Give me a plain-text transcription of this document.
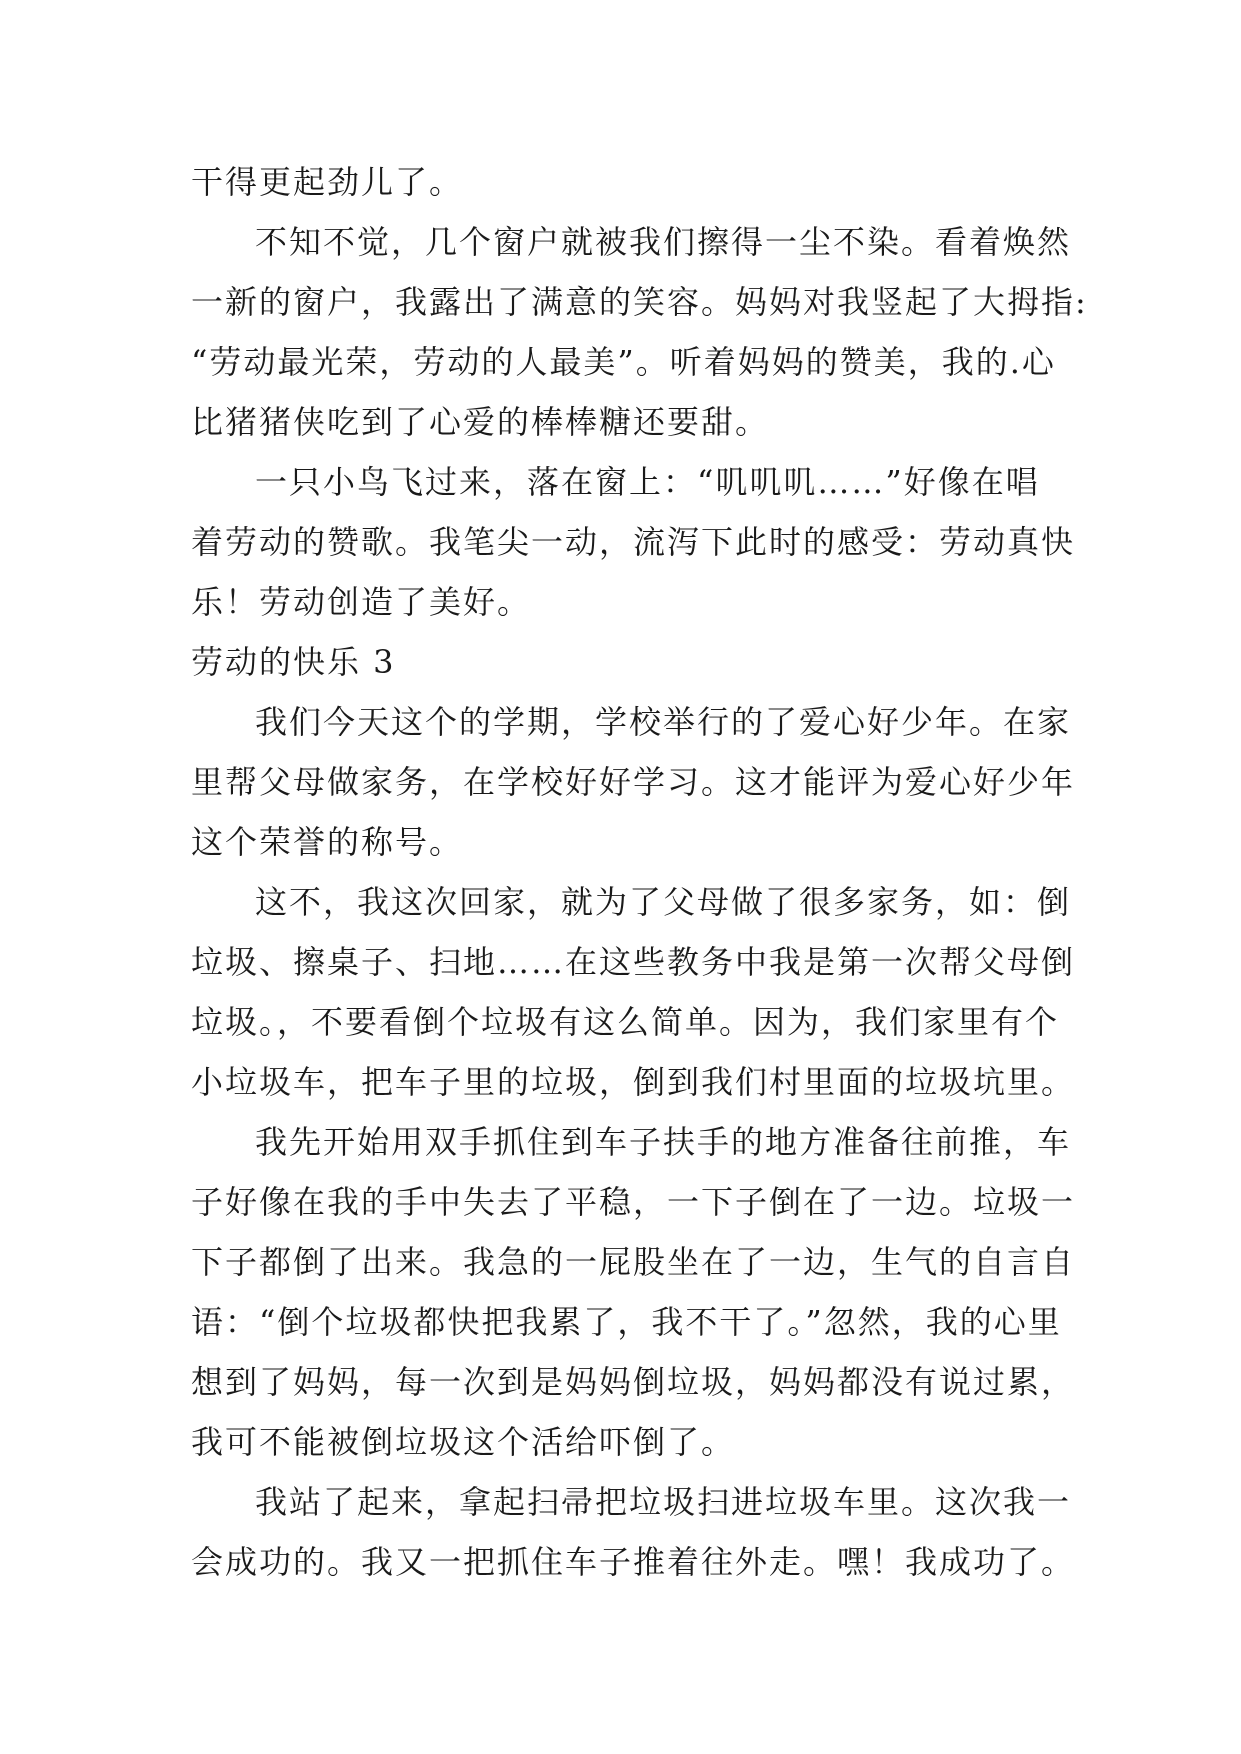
干得更起劲儿了。
不知不觉，几个窗户就被我们擦得一尘不染。看着焕然
一新的窗户，我露出了满意的笑容。妈妈对我竖起了大拇指:
“劳动最光荣，劳动的人最美”。听着妈妈的赞美，我的.心
比猪猪侠吃到了心爱的棒棒糖还要甜。
一只小鸟飞过来，落在窗上：“叽叽叽……”好像在唱
着劳动的赞歌。我笔尖一动，流泻下此时的感受：劳动真快
乐！劳动创造了美好。
劳动的快乐 3
我们今天这个的学期，学校举行的了爱心好少年。在家
里帮父母做家务，在学校好好学习。这才能评为爱心好少年
这个荣誉的称号。
这不，我这次回家，就为了父母做了很多家务，如：倒
垃圾、擦桌子、扫地……在这些教务中我是第一次帮父母倒
垃圾。，不要看倒个垃圾有这么简单。因为，我们家里有个
小垃圾车，把车子里的垃圾，倒到我们村里面的垃圾坑里。
我先开始用双手抓住到车子扶手的地方准备往前推，车
子好像在我的手中失去了平稳，一下子倒在了一边。垃圾一
下子都倒了出来。我急的一屁股坐在了一边，生气的自言自
语：“倒个垃圾都快把我累了，我不干了。”忽然，我的心里
想到了妈妈，每一次到是妈妈倒垃圾，妈妈都没有说过累，
我可不能被倒垃圾这个活给吓倒了。
我站了起来，拿起扫帚把垃圾扫进垃圾车里。这次我一
会成功的。我又一把抓住车子推着往外走。嘿！我成功了。
